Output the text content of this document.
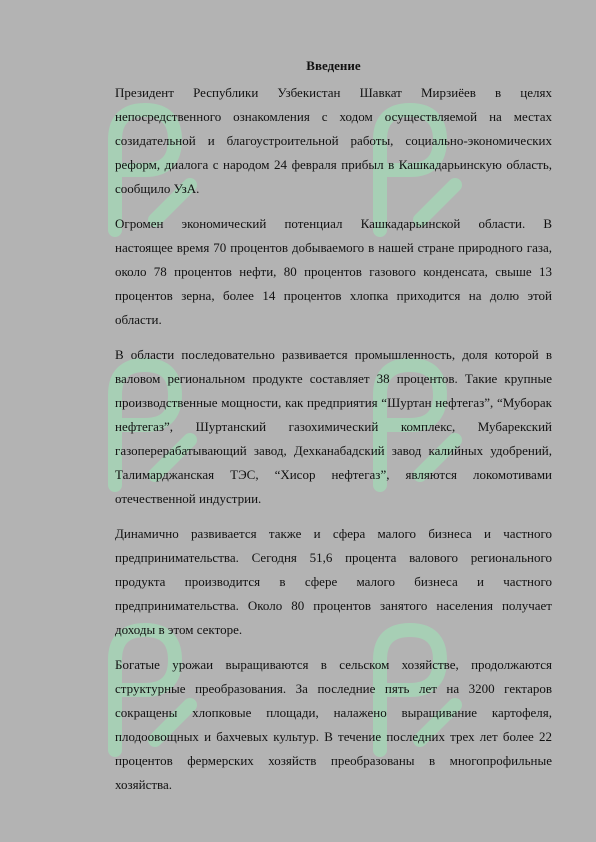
Введение
Президент Республики Узбекистан Шавкат Мирзиёев в целях
непосредственного ознакомления с ходом осуществляемой на местах
созидательной и благоустроительной работы, социально-экономических
реформ, диалога с народом 24 февраля прибыл в Кашкадарьинскую область,
сообщило УзА.
Огромен экономический потенциал Кашкадарьинской области. В
настоящее время 70 процентов добываемого в нашей стране природного газа,
около 78 процентов нефти, 80 процентов газового конденсата, свыше 13
процентов зерна, более 14 процентов хлопка приходится на долю этой
области.
В области последовательно развивается промышленность, доля которой в
валовом региональном продукте составляет 38 процентов. Такие крупные
производственные мощности, как предприятия “Шуртан нефтегаз”, “Муборак
нефтегаз”, Шуртанский газохимический комплекс, Мубарекский
газоперерабатывающий завод, Дехканабадский завод калийных удобрений,
Талимарджанская ТЭС, “Хисор нефтегаз”, являются локомотивами
отечественной индустрии.
Динамично развивается также и сфера малого бизнеса и частного
предпринимательства. Сегодня 51,6 процента валового регионального
продукта производится в сфере малого бизнеса и частного
предпринимательства. Около 80 процентов занятого населения получает
доходы в этом секторе.
Богатые урожаи выращиваются в сельском хозяйстве, продолжаются
структурные преобразования. За последние пять лет на 3200 гектаров
сокращены хлопковые площади, налажено выращивание картофеля,
плодоовощных и бахчевых культур. В течение последних трех лет более 22
процентов фермерских хозяйств преобразованы в многопрофильные
хозяйства.
